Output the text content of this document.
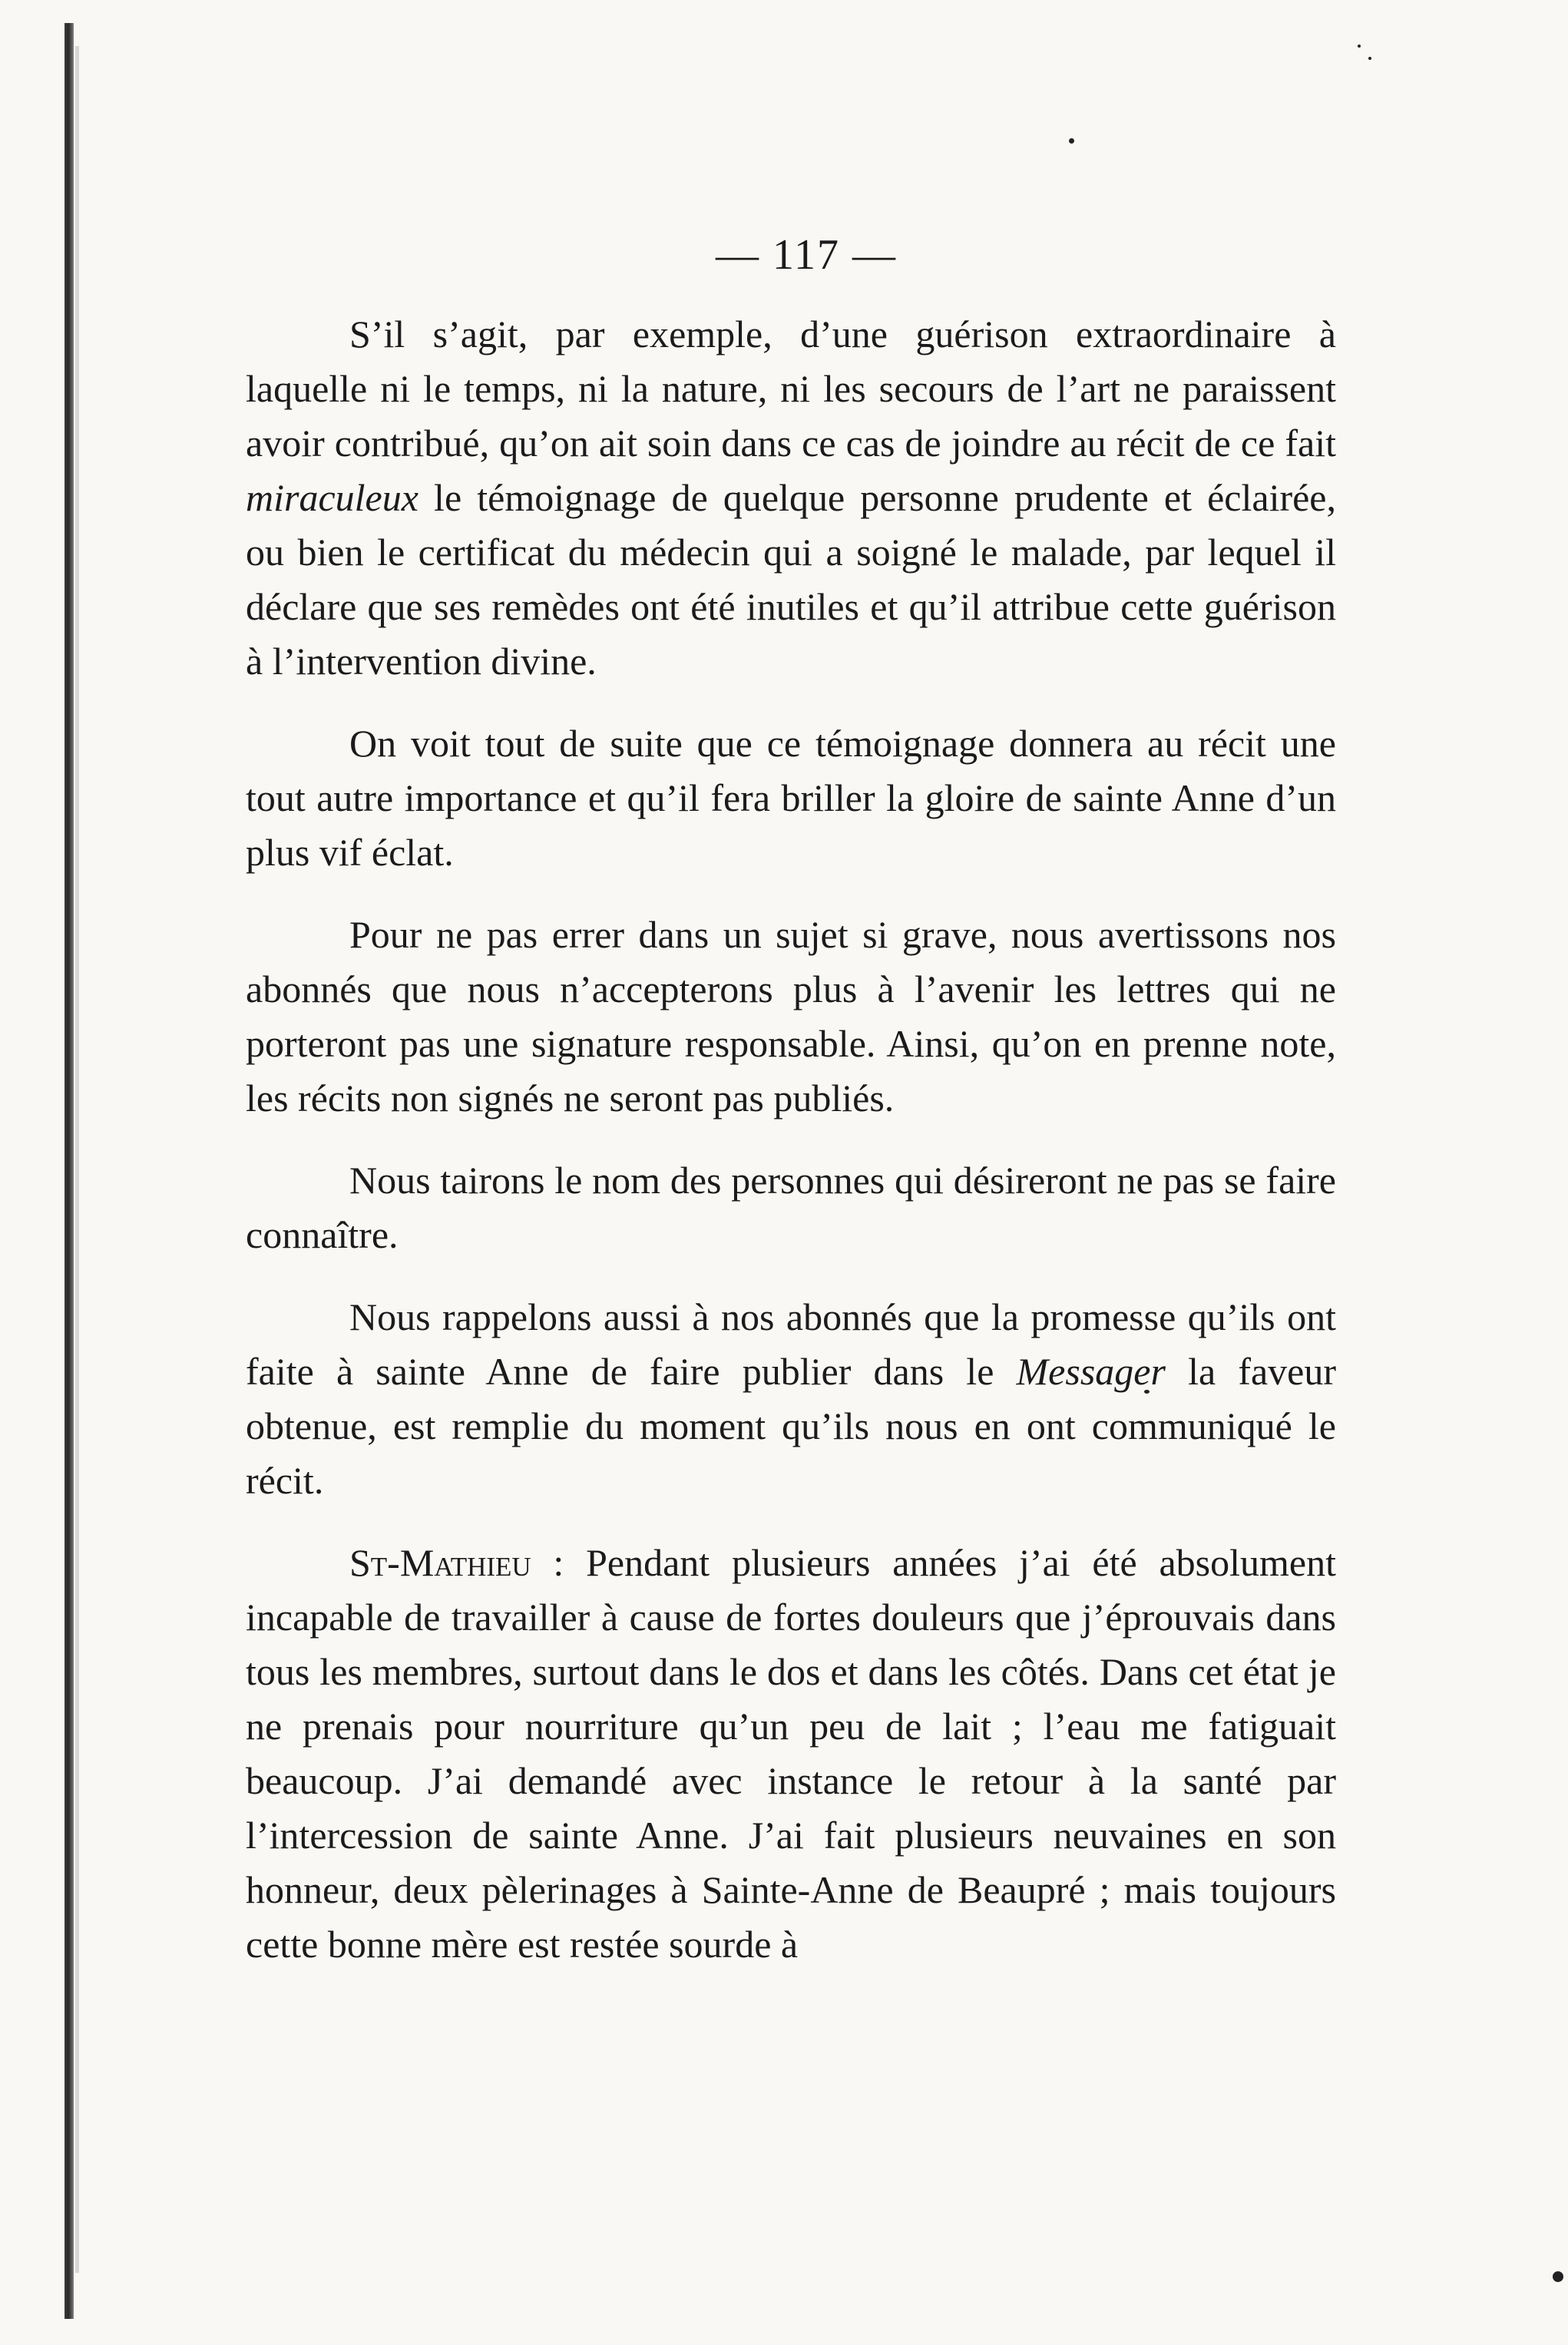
— 117 —

S’il s’agit, par exemple, d’une guérison extraordinaire à laquelle ni le temps, ni la nature, ni les secours de l’art ne paraissent avoir contribué, qu’on ait soin dans ce cas de joindre au récit de ce fait miraculeux le témoignage de quelque personne prudente et éclairée, ou bien le certificat du médecin qui a soigné le malade, par lequel il déclare que ses remèdes ont été inutiles et qu’il attribue cette guérison à l’intervention divine.

On voit tout de suite que ce témoignage donnera au récit une tout autre importance et qu’il fera briller la gloire de sainte Anne d’un plus vif éclat.

Pour ne pas errer dans un sujet si grave, nous avertissons nos abonnés que nous n’accepterons plus à l’avenir les lettres qui ne porteront pas une signature responsable. Ainsi, qu’on en prenne note, les récits non signés ne seront pas publiés.

Nous tairons le nom des personnes qui désireront ne pas se faire connaître.

Nous rappelons aussi à nos abonnés que la promesse qu’ils ont faite à sainte Anne de faire publier dans le Messager la faveur obtenue, est remplie du moment qu’ils nous en ont communiqué le récit.

St-Mathieu : Pendant plusieurs années j’ai été absolument incapable de travailler à cause de fortes douleurs que j’éprouvais dans tous les membres, surtout dans le dos et dans les côtés. Dans cet état je ne prenais pour nourriture qu’un peu de lait ; l’eau me fatiguait beaucoup. J’ai demandé avec instance le retour à la santé par l’intercession de sainte Anne. J’ai fait plusieurs neuvaines en son honneur, deux pèlerinages à Sainte-Anne de Beaupré ; mais toujours cette bonne mère est restée sourde à
